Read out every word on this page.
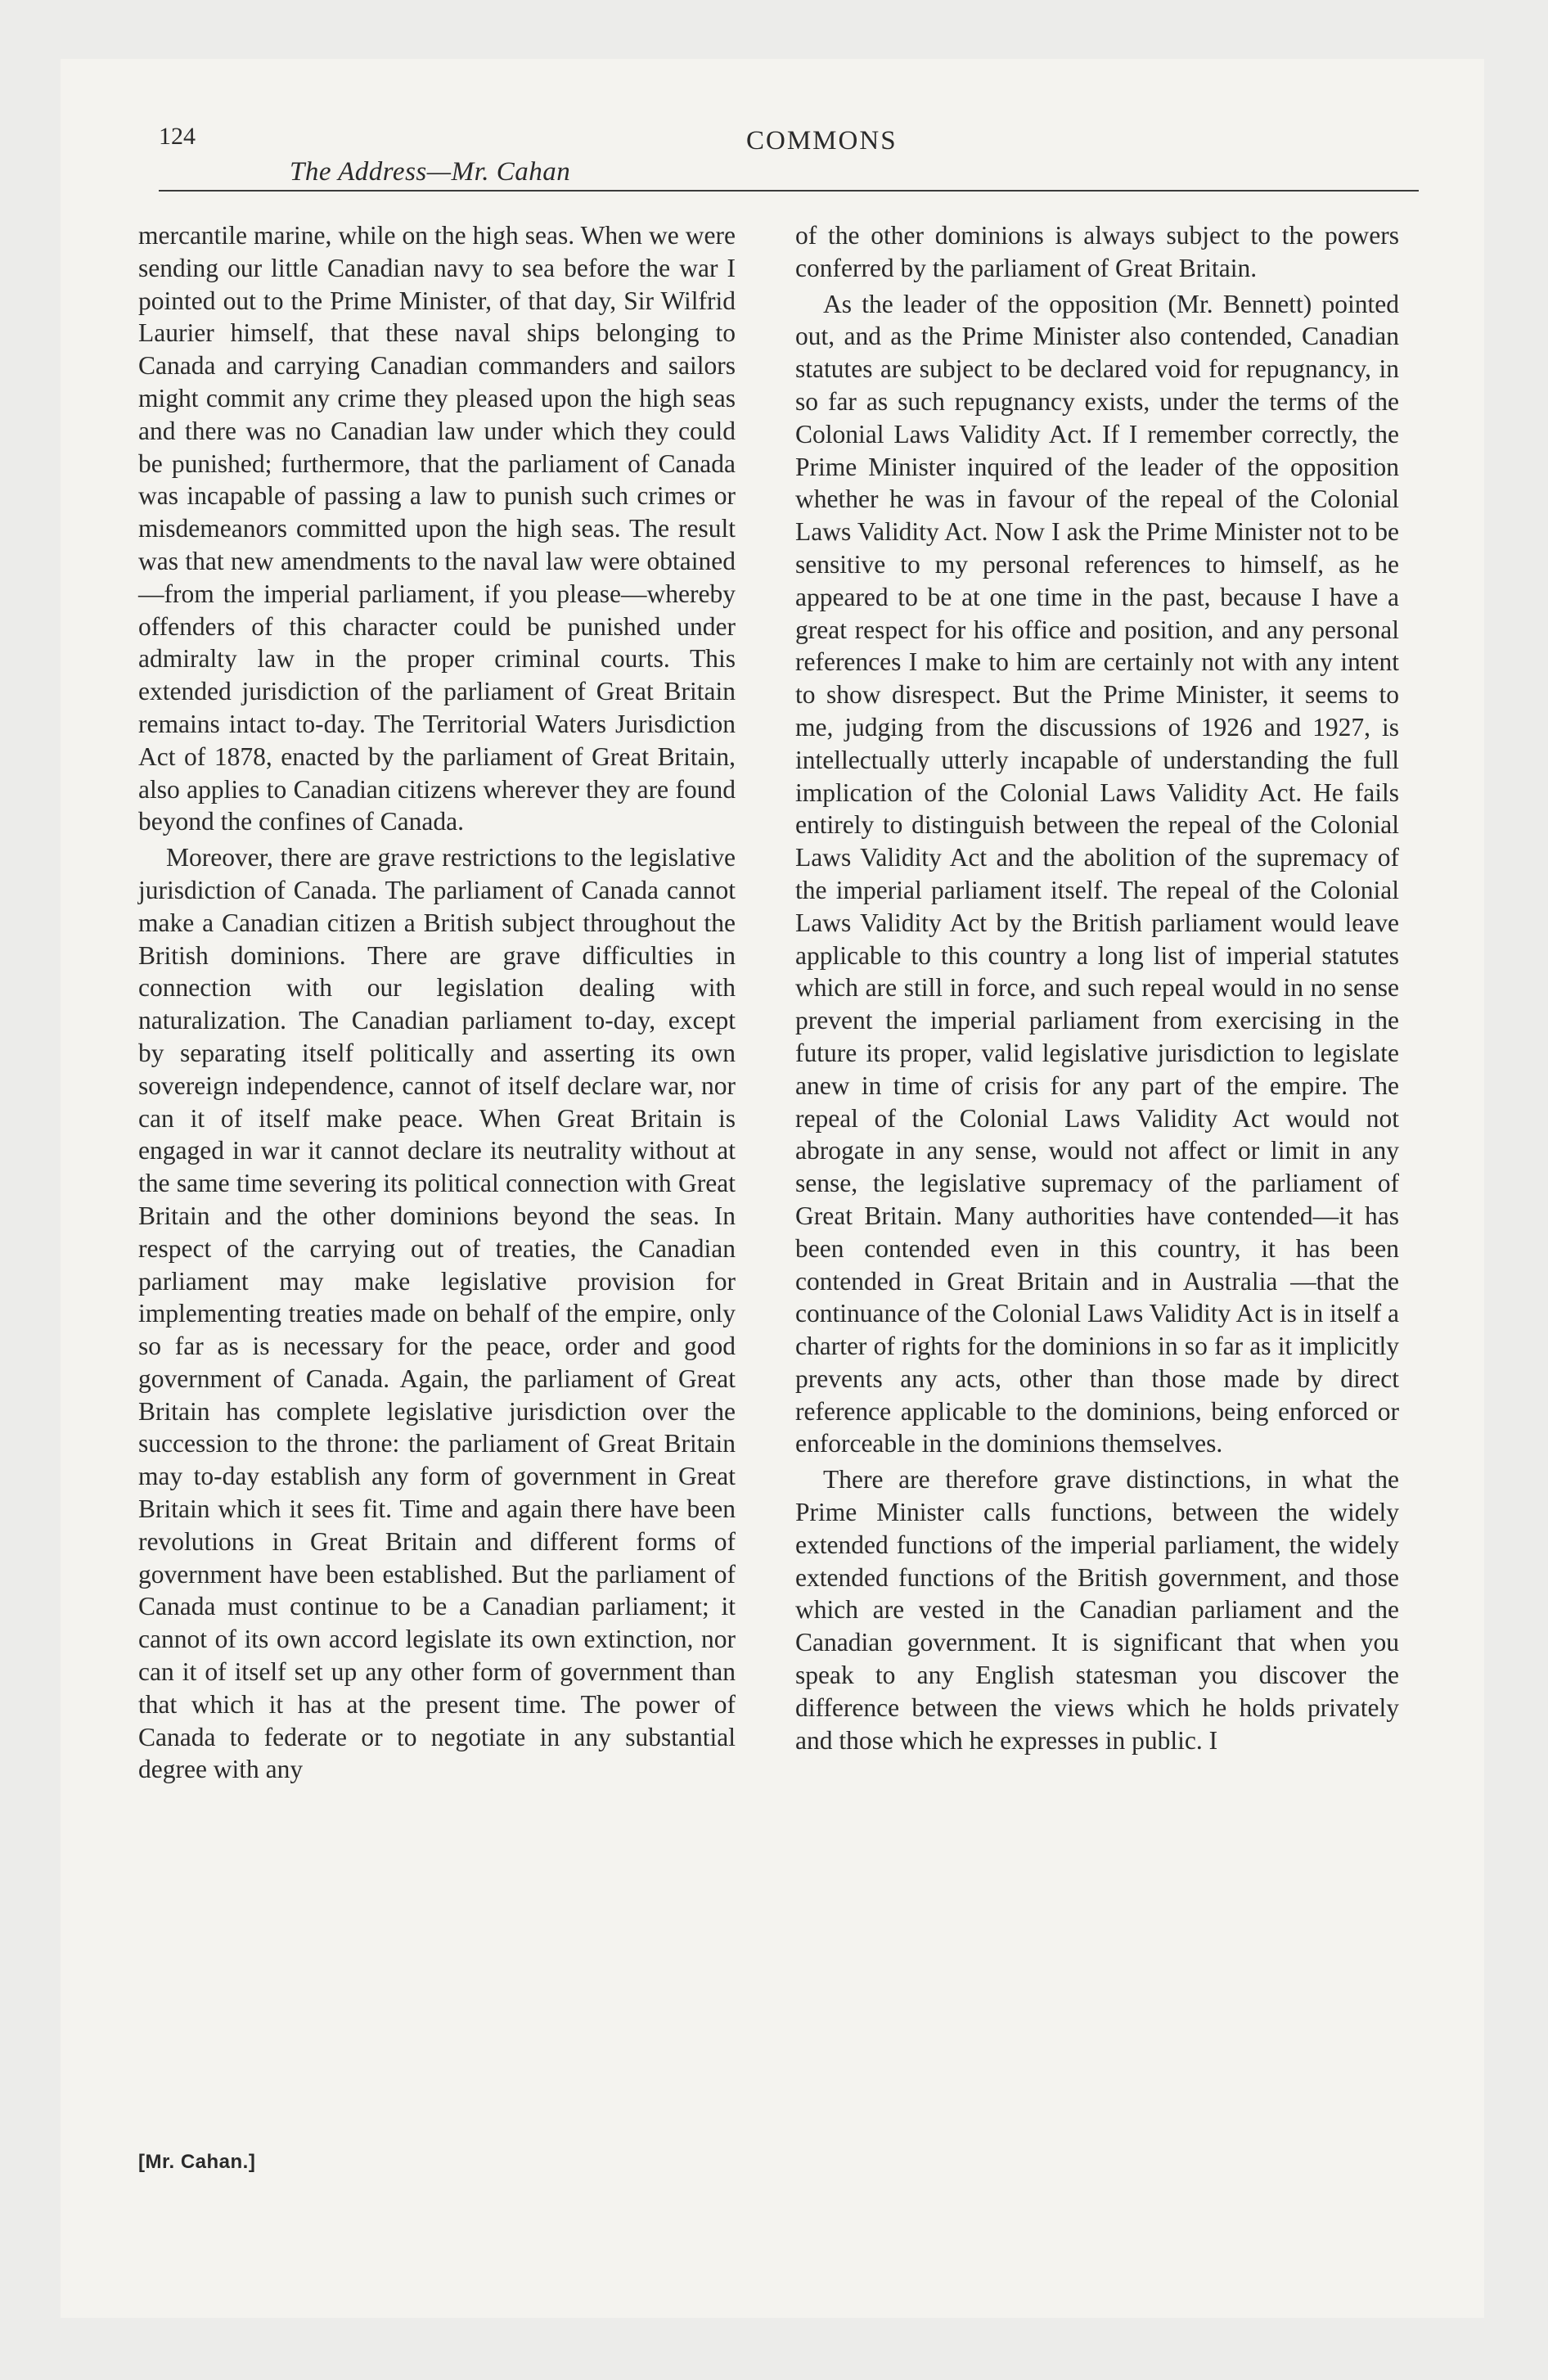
124	COMMONS
The Address—Mr. Cahan

mercantile marine, while on the high seas. When we were sending our little Canadian navy to sea before the war I pointed out to the Prime Minister, of that day, Sir Wilfrid Laurier himself, that these naval ships belonging to Canada and carrying Canadian commanders and sailors might commit any crime they pleased upon the high seas and there was no Canadian law under which they could be punished; furthermore, that the parliament of Canada was incapable of passing a law to punish such crimes or misdemeanors committed upon the high seas. The result was that new amendments to the naval law were obtained—from the imperial parliament, if you please—whereby offenders of this character could be punished under admiralty law in the proper criminal courts. This extended jurisdiction of the parliament of Great Britain remains intact to-day. The Territorial Waters Jurisdiction Act of 1878, enacted by the parliament of Great Britain, also applies to Canadian citizens wherever they are found beyond the confines of Canada.

Moreover, there are grave restrictions to the legislative jurisdiction of Canada. The parliament of Canada cannot make a Canadian citizen a British subject throughout the British dominions. There are grave difficulties in connection with our legislation dealing with naturalization. The Canadian parliament to-day, except by separating itself politically and asserting its own sovereign independence, cannot of itself declare war, nor can it of itself make peace. When Great Britain is engaged in war it cannot declare its neutrality without at the same time severing its political connection with Great Britain and the other dominions beyond the seas. In respect of the carrying out of treaties, the Canadian parliament may make legislative provision for implementing treaties made on behalf of the empire, only so far as is necessary for the peace, order and good government of Canada. Again, the parliament of Great Britain has complete legislative jurisdiction over the succession to the throne: the parliament of Great Britain may to-day establish any form of government in Great Britain which it sees fit. Time and again there have been revolutions in Great Britain and different forms of government have been established. But the parliament of Canada must continue to be a Canadian parliament; it cannot of its own accord legislate its own extinction, nor can it of itself set up any other form of government than that which it has at the present time. The power of Canada to federate or to negotiate in any substantial degree with any

[Mr. Cahan.]

of the other dominions is always subject to the powers conferred by the parliament of Great Britain.

As the leader of the opposition (Mr. Bennett) pointed out, and as the Prime Minister also contended, Canadian statutes are subject to be declared void for repugnancy, in so far as such repugnancy exists, under the terms of the Colonial Laws Validity Act. If I remember correctly, the Prime Minister inquired of the leader of the opposition whether he was in favour of the repeal of the Colonial Laws Validity Act. Now I ask the Prime Minister not to be sensitive to my personal references to himself, as he appeared to be at one time in the past, because I have a great respect for his office and position, and any personal references I make to him are certainly not with any intent to show disrespect. But the Prime Minister, it seems to me, judging from the discussions of 1926 and 1927, is intellectually utterly incapable of understanding the full implication of the Colonial Laws Validity Act. He fails entirely to distinguish between the repeal of the Colonial Laws Validity Act and the abolition of the supremacy of the imperial parliament itself. The repeal of the Colonial Laws Validity Act by the British parliament would leave applicable to this country a long list of imperial statutes which are still in force, and such repeal would in no sense prevent the imperial parliament from exercising in the future its proper, valid legislative jurisdiction to legislate anew in time of crisis for any part of the empire. The repeal of the Colonial Laws Validity Act would not abrogate in any sense, would not affect or limit in any sense, the legislative supremacy of the parliament of Great Britain. Many authorities have contended—it has been contended even in this country, it has been contended in Great Britain and in Australia —that the continuance of the Colonial Laws Validity Act is in itself a charter of rights for the dominions in so far as it implicitly prevents any acts, other than those made by direct reference applicable to the dominions, being enforced or enforceable in the dominions themselves.

There are therefore grave distinctions, in what the Prime Minister calls functions, between the widely extended functions of the imperial parliament, the widely extended functions of the British government, and those which are vested in the Canadian parliament and the Canadian government. It is significant that when you speak to any English statesman you discover the difference between the views which he holds privately and those which he expresses in public. I
